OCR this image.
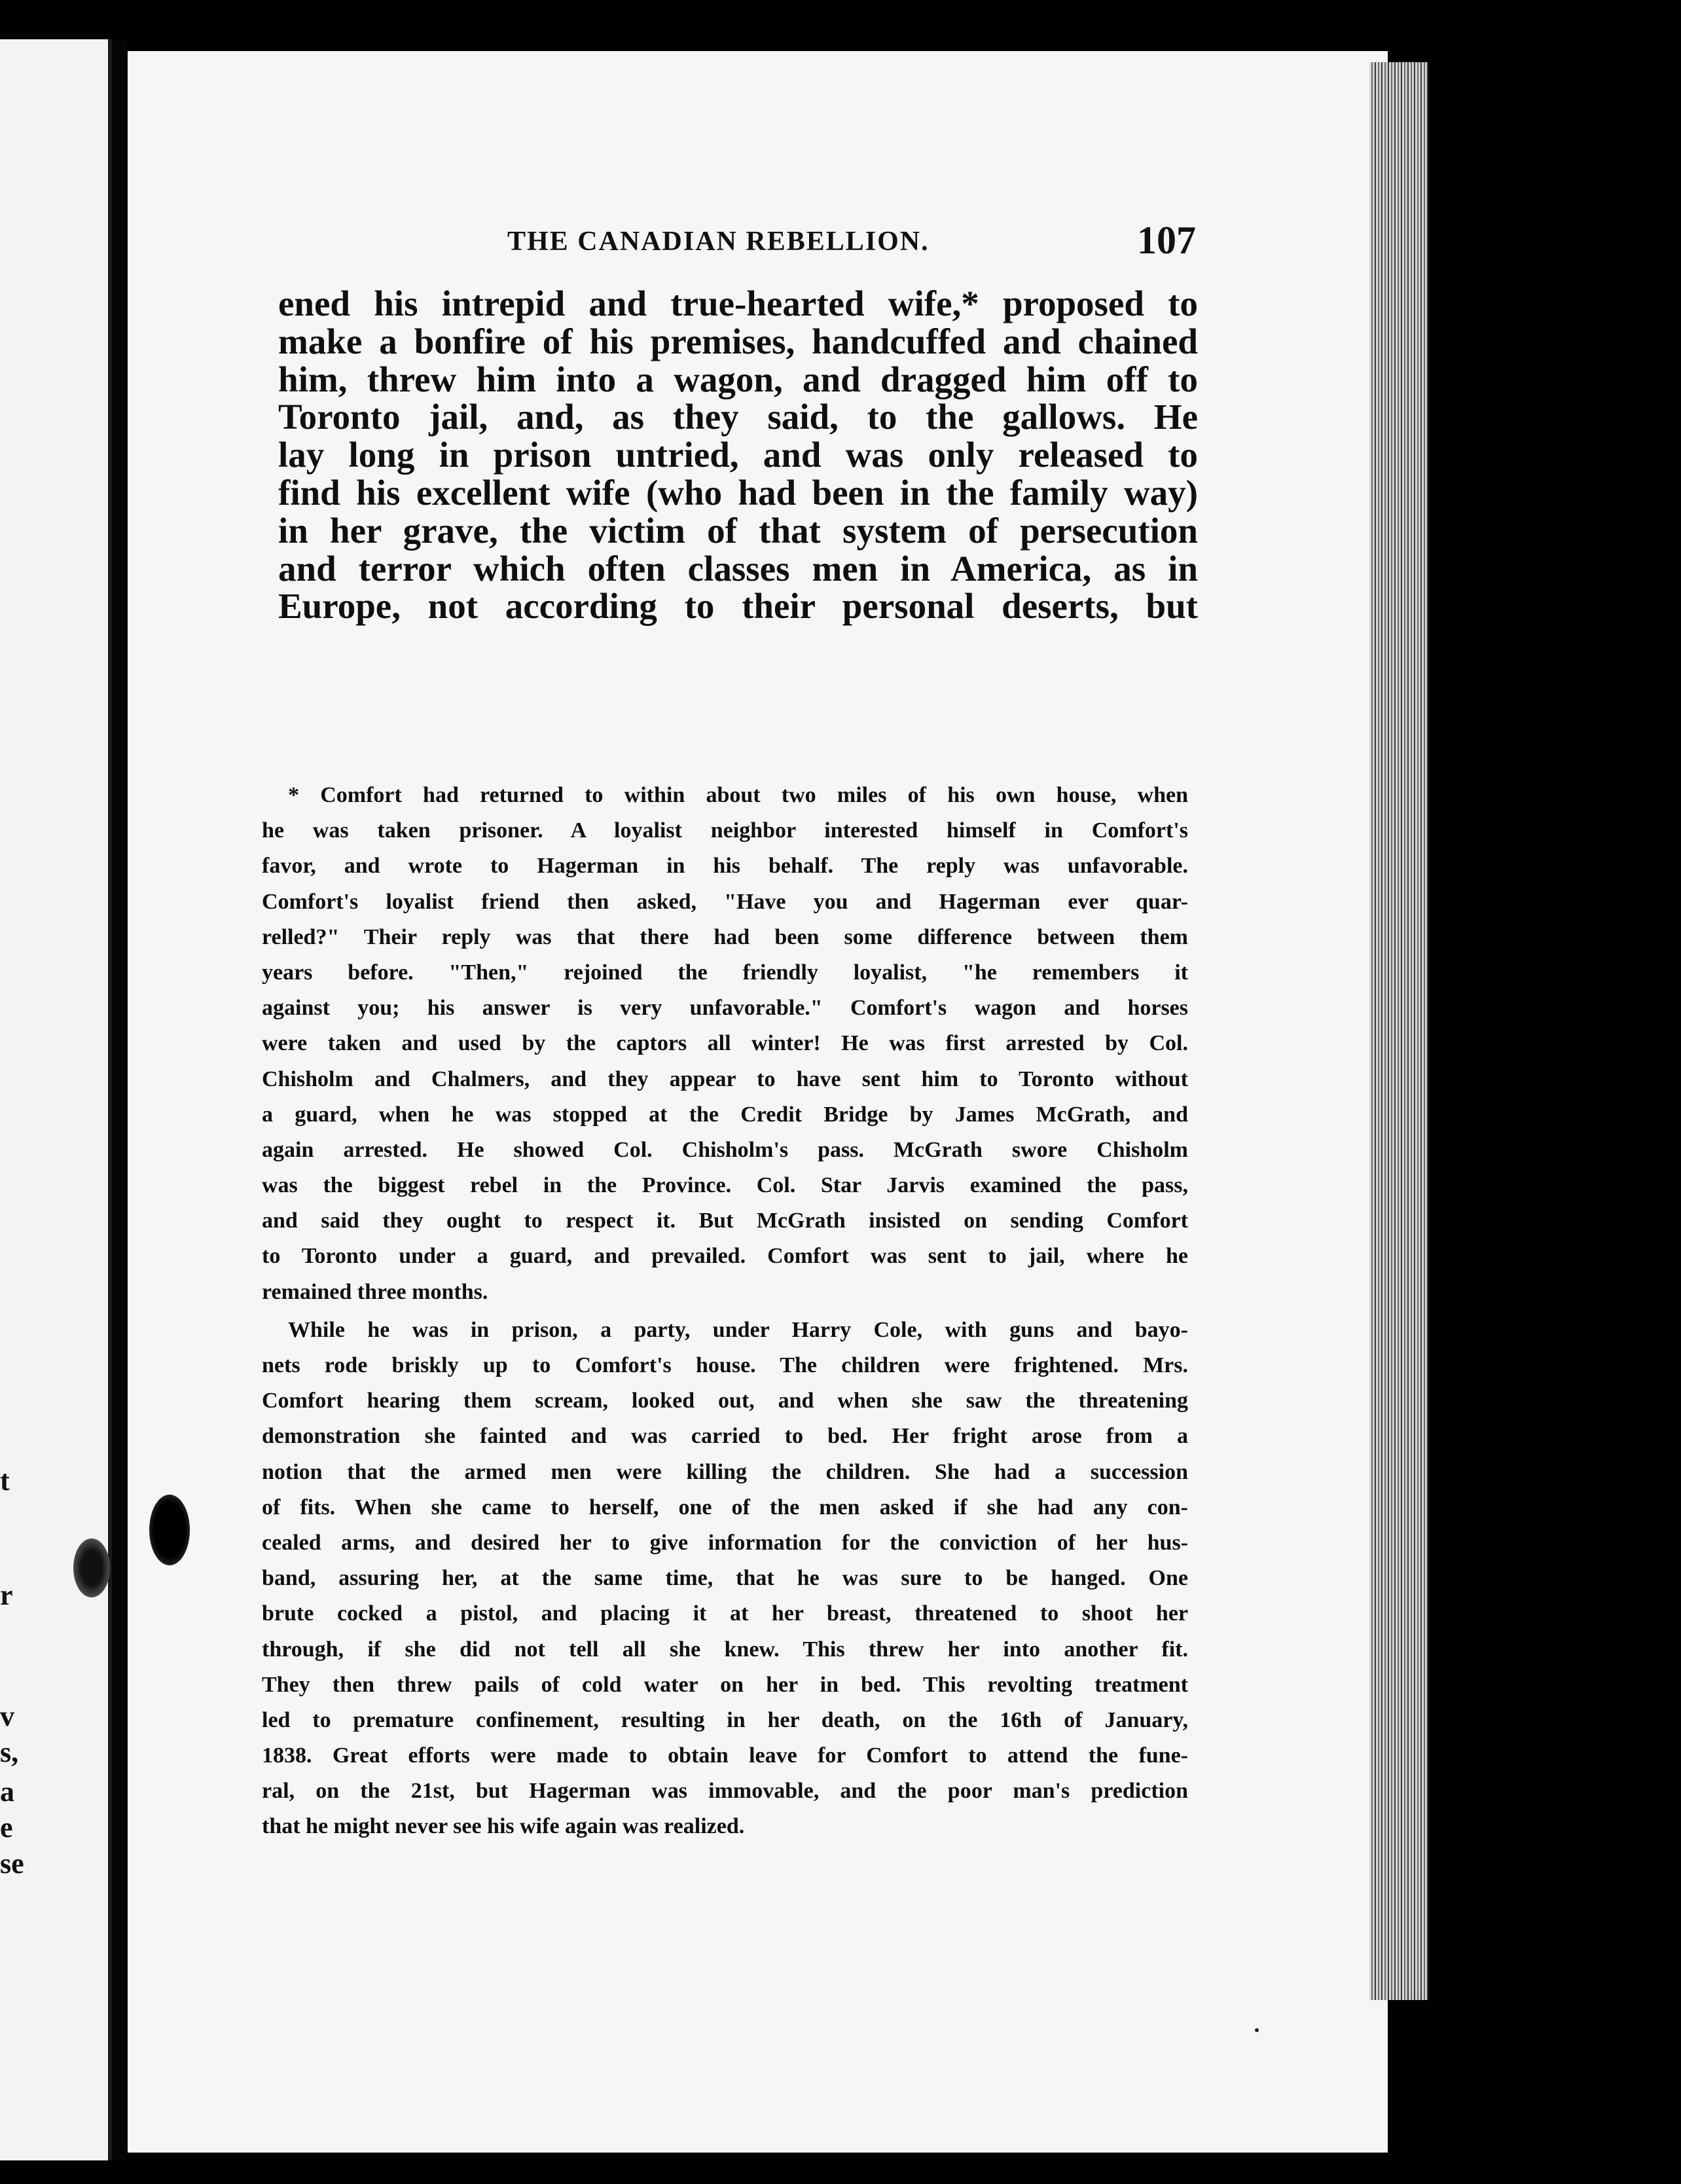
t
r
v
s,
a
e
se
THE CANADIAN REBELLION.	107
ened his intrepid and true-hearted wife,* proposed to
make a bonfire of his premises, handcuffed and chained
him, threw him into a wagon, and dragged him off to
Toronto jail, and, as they said, to the gallows. He
lay long in prison untried, and was only released to
find his excellent wife (who had been in the family way)
in her grave, the victim of that system of persecution
and terror which often classes men in America, as in
Europe, not according to their personal deserts, but
* Comfort had returned to within about two miles of his own house, when
he was taken prisoner. A loyalist neighbor interested himself in Comfort's
favor, and wrote to Hagerman in his behalf. The reply was unfavorable.
Comfort's loyalist friend then asked, "Have you and Hagerman ever quar-
relled?" Their reply was that there had been some difference between them
years before. "Then," rejoined the friendly loyalist, "he remembers it
against you; his answer is very unfavorable." Comfort's wagon and horses
were taken and used by the captors all winter! He was first arrested by Col.
Chisholm and Chalmers, and they appear to have sent him to Toronto without
a guard, when he was stopped at the Credit Bridge by James McGrath, and
again arrested. He showed Col. Chisholm's pass. McGrath swore Chisholm
was the biggest rebel in the Province. Col. Star Jarvis examined the pass,
and said they ought to respect it. But McGrath insisted on sending Comfort
to Toronto under a guard, and prevailed. Comfort was sent to jail, where he
remained three months.
While he was in prison, a party, under Harry Cole, with guns and bayo-
nets rode briskly up to Comfort's house. The children were frightened. Mrs.
Comfort hearing them scream, looked out, and when she saw the threatening
demonstration she fainted and was carried to bed. Her fright arose from a
notion that the armed men were killing the children. She had a succession
of fits. When she came to herself, one of the men asked if she had any con-
cealed arms, and desired her to give information for the conviction of her hus-
band, assuring her, at the same time, that he was sure to be hanged. One
brute cocked a pistol, and placing it at her breast, threatened to shoot her
through, if she did not tell all she knew. This threw her into another fit.
They then threw pails of cold water on her in bed. This revolting treatment
led to premature confinement, resulting in her death, on the 16th of January,
1838. Great efforts were made to obtain leave for Comfort to attend the fune-
ral, on the 21st, but Hagerman was immovable, and the poor man's prediction
that he might never see his wife again was realized.
